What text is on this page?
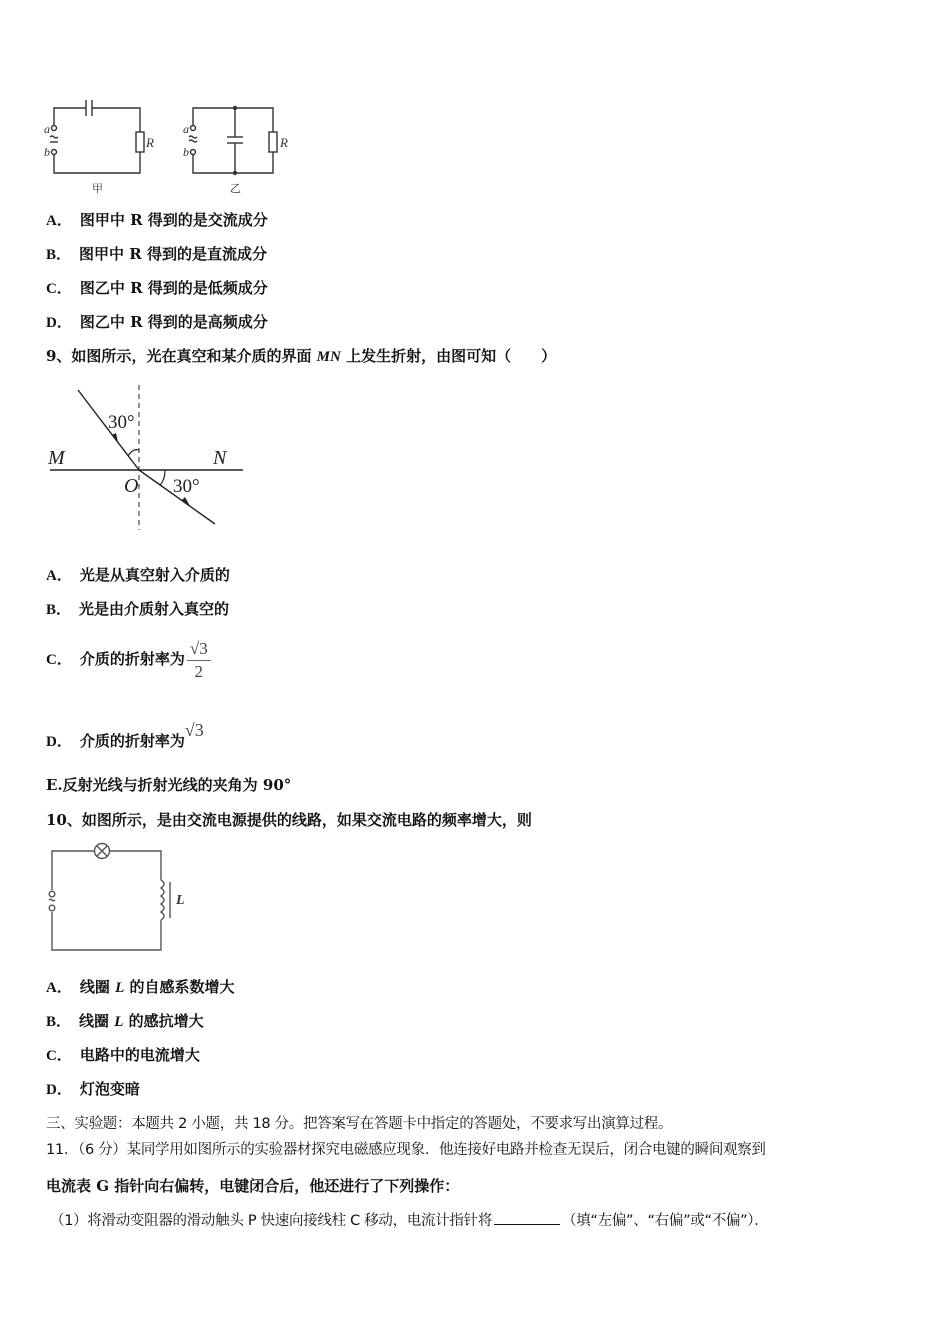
a
b
R
甲
a
b
R
乙
A． 图甲中 R 得到的是交流成分
B． 图甲中 R 得到的是直流成分
C． 图乙中 R 得到的是低频成分
D． 图乙中 R 得到的是高频成分
9、如图所示，光在真空和某介质的界面 MN 上发生折射，由图可知（　　）
30°
30°
M	N
O
A． 光是从真空射入介质的
B． 光是由介质射入真空的
C． 介质的折射率为 $\frac{√3}{2}$
D． 介质的折射率为√3
E.反射光线与折射光线的夹角为 90°
10、如图所示，是由交流电源提供的线路，如果交流电路的频率增大，则
L
A． 线圈 L 的自感系数增大
B． 线圈 L 的感抗增大
C． 电路中的电流增大
D． 灯泡变暗
三、实验题：本题共 2 小题，共 18 分。把答案写在答题卡中指定的答题处，不要求写出演算过程。
11．（6 分）某同学用如图所示的实验器材探究电磁感应现象．他连接好电路并检查无误后，闭合电键的瞬间观察到
电流表 G 指针向右偏转，电键闭合后，他还进行了下列操作：
（1）将滑动变阻器的滑动触头 P 快速向接线柱 C 移动，电流计指针将	（填“左偏”、“右偏”或“不偏”）．
